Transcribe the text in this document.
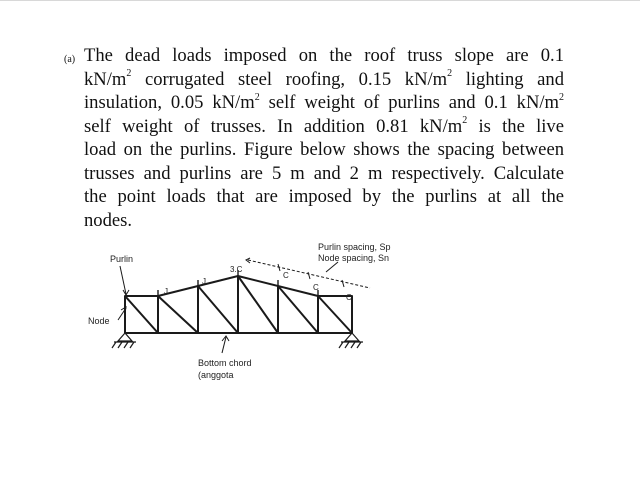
(a) The dead loads imposed on the roof truss slope are 0.1
$kN/m^2$ corrugated steel roofing, 0.15 $kN/m^2$ lighting and
insulation, 0.05 $kN/m^2$ self weight of purlins and 0.1 $kN/m^2$
self weight of trusses. In addition 0.81 $kN/m^2$ is the live
load on the purlins. Figure below shows the spacing between
trusses and purlins are 5 m and 2 m respectively. Calculate
the point loads that are imposed by the purlins at all the
nodes.
Purlin
Purlin spacing, Sp
Node spacing, Sn
Node
Bottom chord
(anggota
J
J
3.C
C
C
C
